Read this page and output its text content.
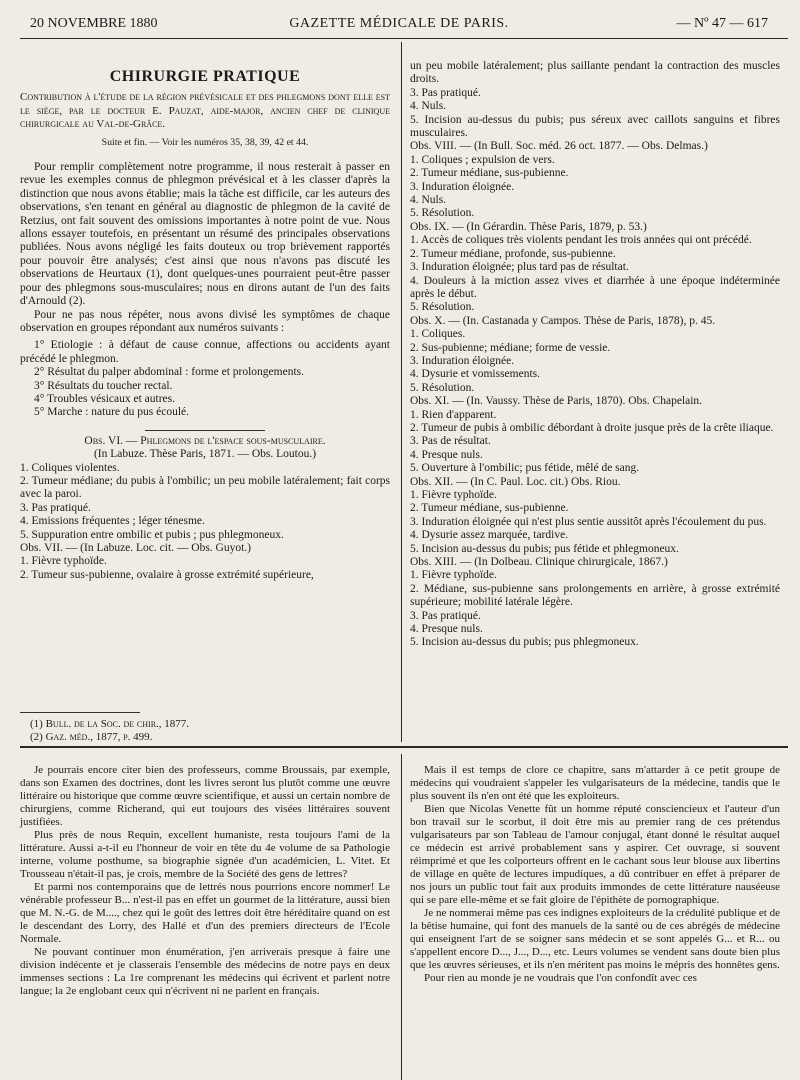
20 NOVEMBRE 1880	GAZETTE MÉDICALE DE PARIS.	— Nº 47 — 617
CHIRURGIE PRATIQUE

Contribution à l'étude de la région prévésicale et des phlegmons dont elle est le siège, par le docteur E. Pauzat, aide-major, ancien chef de clinique chirurgicale au Val-de-Grâce.

Suite et fin. — Voir les numéros 35, 38, 39, 42 et 44.

Pour remplir complètement notre programme, il nous resterait à passer en revue les exemples connus de phlegmon prévésical et à les classer d'après la distinction que nous avons établie; mais la tâche est difficile, car les auteurs des observations, s'en tenant en général au diagnostic de phlegmon de la cavité de Retzius, ont fait souvent des omissions importantes à notre point de vue. Nous allons essayer toutefois, en présentant un résumé des principales observations publiées. Nous avons négligé les faits douteux ou trop brièvement rapportés pour pouvoir être analysés; c'est ainsi que nous n'avons pas discuté les observations de Heurtaux (1), dont quelques-unes pourraient peut-être passer pour des phlegmons sous-musculaires; nous en dirons autant de l'un des faits d'Arnould (2).

Pour ne pas nous répéter, nous avons divisé les symptômes de chaque observation en groupes répondant aux numéros suivants :

1° Etiologie : à défaut de cause connue, affections ou accidents ayant précédé le phlegmon.

2° Résultat du palper abdominal : forme et prolongements.

3° Résultats du toucher rectal.

4° Troubles vésicaux et autres.

5° Marche : nature du pus écoulé.

Obs. VI. — Phlegmons de l'espace sous-musculaire.

(In Labuze. Thèse Paris, 1871. — Obs. Loutou.)

1. Coliques violentes.

2. Tumeur médiane; du pubis à l'ombilic; un peu mobile latéralement; fait corps avec la paroi.

3. Pas pratiqué.

4. Emissions fréquentes ; léger ténesme.

5. Suppuration entre ombilic et pubis ; pus phlegmoneux.

Obs. VII. — (In Labuze. Loc. cit. — Obs. Guyot.)

1. Fièvre typhoïde.

2. Tumeur sus-pubienne, ovalaire à grosse extrémité supérieure,

(1) Bull. de la Soc. de chir., 1877.

(2) Gaz. méd., 1877, p. 499.

un peu mobile latéralement; plus saillante pendant la contraction des muscles droits.

3. Pas pratiqué.

4. Nuls.

5. Incision au-dessus du pubis; pus séreux avec caillots sanguins et fibres musculaires.

Obs. VIII. — (In Bull. Soc. méd. 26 oct. 1877. — Obs. Delmas.)

1. Coliques ; expulsion de vers.

2. Tumeur médiane, sus-pubienne.

3. Induration éloignée.

4. Nuls.

5. Résolution.

Obs. IX. — (In Gérardin. Thèse Paris, 1879, p. 53.)

1. Accès de coliques très violents pendant les trois années qui ont précédé.

2. Tumeur médiane, profonde, sus-pubienne.

3. Induration éloignée; plus tard pas de résultat.

4. Douleurs à la miction assez vives et diarrhée à une époque indéterminée après le début.

5. Résolution.

Obs. X. — (In. Castanada y Campos. Thèse de Paris, 1878), p. 45.

1. Coliques.

2. Sus-pubienne; médiane; forme de vessie.

3. Induration éloignée.

4. Dysurie et vomissements.

5. Résolution.

Obs. XI. — (In. Vaussy. Thèse de Paris, 1870). Obs. Chapelain.

1. Rien d'apparent.

2. Tumeur de pubis à ombilic débordant à droite jusque près de la crête iliaque.

3. Pas de résultat.

4. Presque nuls.

5. Ouverture à l'ombilic; pus fétide, mêlé de sang.

Obs. XII. — (In C. Paul. Loc. cit.) Obs. Riou.

1. Fièvre typhoïde.

2. Tumeur médiane, sus-pubienne.

3. Induration éloignée qui n'est plus sentie aussitôt après l'écoulement du pus.

4. Dysurie assez marquée, tardive.

5. Incision au-dessus du pubis; pus fétide et phlegmoneux.

Obs. XIII. — (In Dolbeau. Clinique chirurgicale, 1867.)

1. Fièvre typhoïde.

2. Médiane, sus-pubienne sans prolongements en arrière, à grosse extrémité supérieure; mobilité latérale légère.

3. Pas pratiqué.

4. Presque nuls.

5. Incision au-dessus du pubis; pus phlegmoneux.

Je pourrais encore citer bien des professeurs, comme Broussais, par exemple, dans son Examen des doctrines, dont les livres seront lus plutôt comme une œuvre littéraire ou historique que comme œuvre scientifique, et aussi un certain nombre de chirurgiens, comme Richerand, qui eut toujours des visées littéraires souvent justifiées.

Plus près de nous Requin, excellent humaniste, resta toujours l'ami de la littérature. Aussi a-t-il eu l'honneur de voir en tête du 4e volume de sa Pathologie interne, volume posthume, sa biographie signée d'un académicien, L. Vitet. Et Trousseau n'était-il pas, je crois, membre de la Société des gens de lettres?

Et parmi nos contemporains que de lettrés nous pourrions encore nommer! Le vénérable professeur B... n'est-il pas en effet un gourmet de la littérature, aussi bien que M. N.-G. de M...., chez qui le goût des lettres doit être héréditaire quand on est le descendant des Lorry, des Hallé et d'un des premiers directeurs de l'Ecole Normale.

Ne pouvant continuer mon énumération, j'en arriverais presque à faire une division indécente et je classerais l'ensemble des médecins de notre pays en deux immenses sections : La 1re comprenant les médecins qui écrivent et parlent notre langue; la 2e englobant ceux qui n'écrivent ni ne parlent en français.

Mais il est temps de clore ce chapitre, sans m'attarder à ce petit groupe de médecins qui voudraient s'appeler les vulgarisateurs de la médecine, tandis que le plus souvent ils n'en ont été que les exploiteurs.

Bien que Nicolas Venette fût un homme réputé consciencieux et l'auteur d'un bon travail sur le scorbut, il doit être mis au premier rang de ces prétendus vulgarisateurs par son Tableau de l'amour conjugal, étant donné le résultat auquel ce médecin est arrivé probablement sans y aspirer. Cet ouvrage, si souvent réimprimé et que les colporteurs offrent en le cachant sous leur blouse aux libertins de village en quête de lectures impudiques, a dû contribuer en effet à préparer de nos jours un public tout fait aux produits immondes de cette littérature nauséeuse qui se pare elle-même et se fait gloire de l'épithète de pornographique.

Je ne nommerai même pas ces indignes exploiteurs de la crédulité publique et de la bêtise humaine, qui font des manuels de la santé ou de ces abrégés de médecine qui enseignent l'art de se soigner sans médecin et se sont appelés G... et R... ou s'appellent encore D..., J..., D..., etc. Leurs volumes se vendent sans doute bien plus que les œuvres sérieuses, et ils n'en méritent pas moins le mépris des honnêtes gens.

Pour rien au monde je ne voudrais que l'on confondît avec ces
